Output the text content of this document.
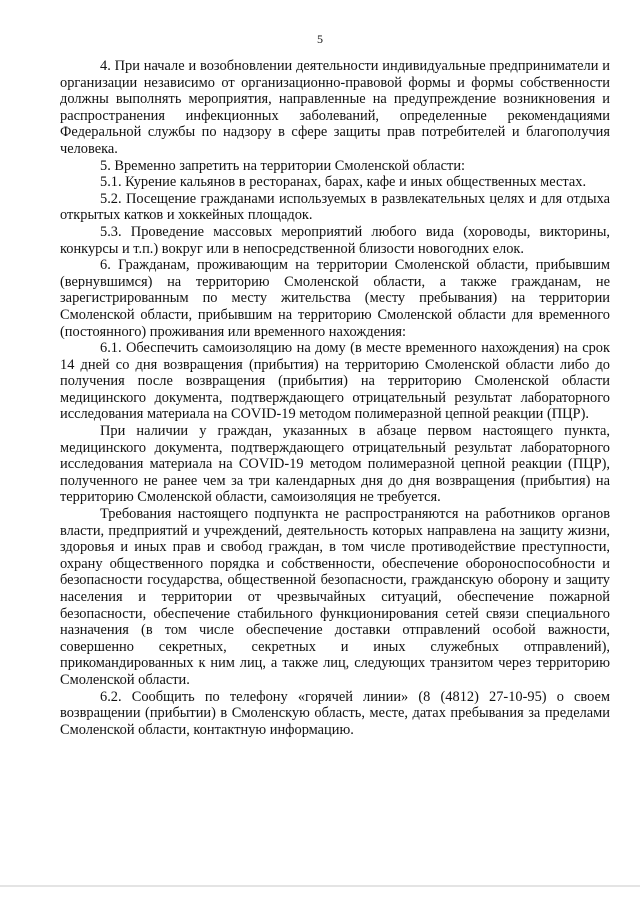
5

4. При начале и возобновлении деятельности индивидуальные предприниматели и организации независимо от организационно-правовой формы и формы собственности должны выполнять мероприятия, направленные на предупреждение возникновения и распространения инфекционных заболеваний, определенные рекомендациями Федеральной службы по надзору в сфере защиты прав потребителей и благополучия человека.

5. Временно запретить на территории Смоленской области:

5.1. Курение кальянов в ресторанах, барах, кафе и иных общественных местах.

5.2. Посещение гражданами используемых в развлекательных целях и для отдыха открытых катков и хоккейных площадок.

5.3. Проведение массовых мероприятий любого вида (хороводы, викторины, конкурсы и т.п.) вокруг или в непосредственной близости новогодних елок.

6. Гражданам, проживающим на территории Смоленской области, прибывшим (вернувшимся) на территорию Смоленской области, а также гражданам, не зарегистрированным по месту жительства (месту пребывания) на территории Смоленской области, прибывшим на территорию Смоленской области для временного (постоянного) проживания или временного нахождения:

6.1. Обеспечить самоизоляцию на дому (в месте временного нахождения) на срок 14 дней со дня возвращения (прибытия) на территорию Смоленской области либо до получения после возвращения (прибытия) на территорию Смоленской области медицинского документа, подтверждающего отрицательный результат лабораторного исследования материала на COVID-19 методом полимеразной цепной реакции (ПЦР).

При наличии у граждан, указанных в абзаце первом настоящего пункта, медицинского документа, подтверждающего отрицательный результат лабораторного исследования материала на COVID-19 методом полимеразной цепной реакции (ПЦР), полученного не ранее чем за три календарных дня до дня возвращения (прибытия) на территорию Смоленской области, самоизоляция не требуется.

Требования настоящего подпункта не распространяются на работников органов власти, предприятий и учреждений, деятельность которых направлена на защиту жизни, здоровья и иных прав и свобод граждан, в том числе противодействие преступности, охрану общественного порядка и собственности, обеспечение обороноспособности и безопасности государства, общественной безопасности, гражданскую оборону и защиту населения и территории от чрезвычайных ситуаций, обеспечение пожарной безопасности, обеспечение стабильного функционирования сетей связи специального назначения (в том числе обеспечение доставки отправлений особой важности, совершенно секретных, секретных и иных служебных отправлений), прикомандированных к ним лиц, а также лиц, следующих транзитом через территорию Смоленской области.

6.2. Сообщить по телефону «горячей линии» (8 (4812) 27-10-95) о своем возвращении (прибытии) в Смоленскую область, месте, датах пребывания за пределами Смоленской области, контактную информацию.
